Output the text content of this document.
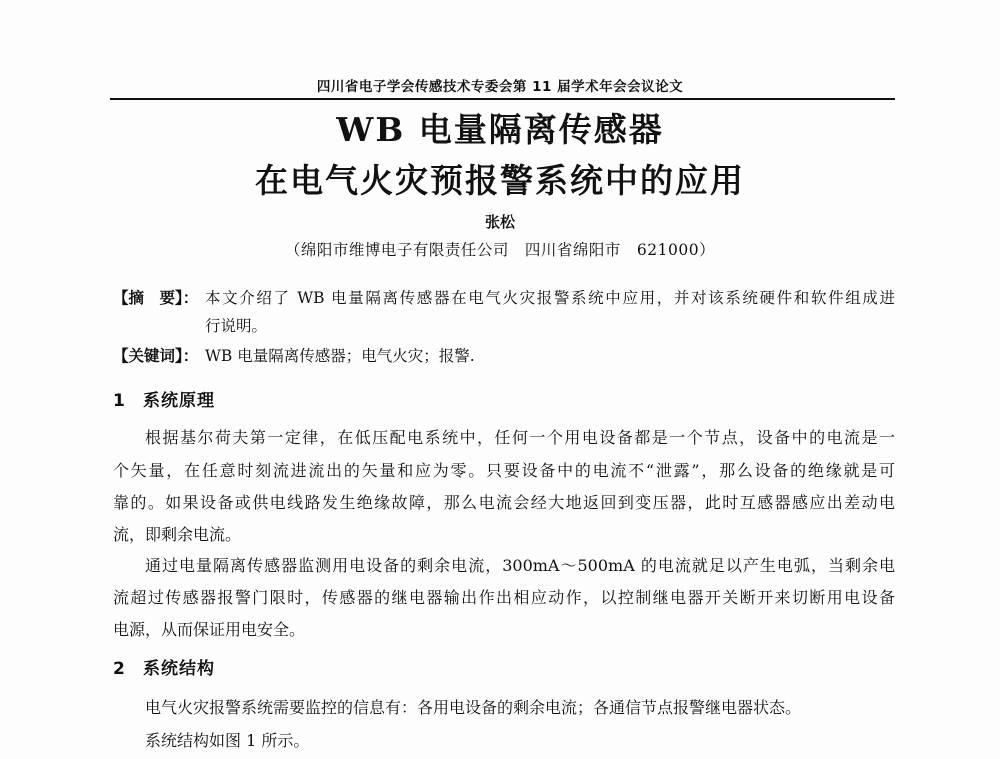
四川省电子学会传感技术专委会第 11 届学术年会会议论文
WB 电量隔离传感器
在电气火灾预报警系统中的应用
张松
（绵阳市维博电子有限责任公司　四川省绵阳市　621000）
【摘　要】： 本文介绍了 WB 电量隔离传感器在电气火灾报警系统中应用，并对该系统硬件和软件组成进
行说明。
【关键词】： WB 电量隔离传感器；电气火灾；报警.
1 系统原理
根据基尔荷夫第一定律，在低压配电系统中，任何一个用电设备都是一个节点，设备中的电流是一
个矢量，在任意时刻流进流出的矢量和应为零。只要设备中的电流不“泄露”，那么设备的绝缘就是可
靠的。如果设备或供电线路发生绝缘故障，那么电流会经大地返回到变压器，此时互感器感应出差动电
流，即剩余电流。
通过电量隔离传感器监测用电设备的剩余电流，300mA～500mA 的电流就足以产生电弧，当剩余电
流超过传感器报警门限时，传感器的继电器输出作出相应动作，以控制继电器开关断开来切断用电设备
电源，从而保证用电安全。
2 系统结构
电气火灾报警系统需要监控的信息有：各用电设备的剩余电流；各通信节点报警继电器状态。
系统结构如图 1 所示。
